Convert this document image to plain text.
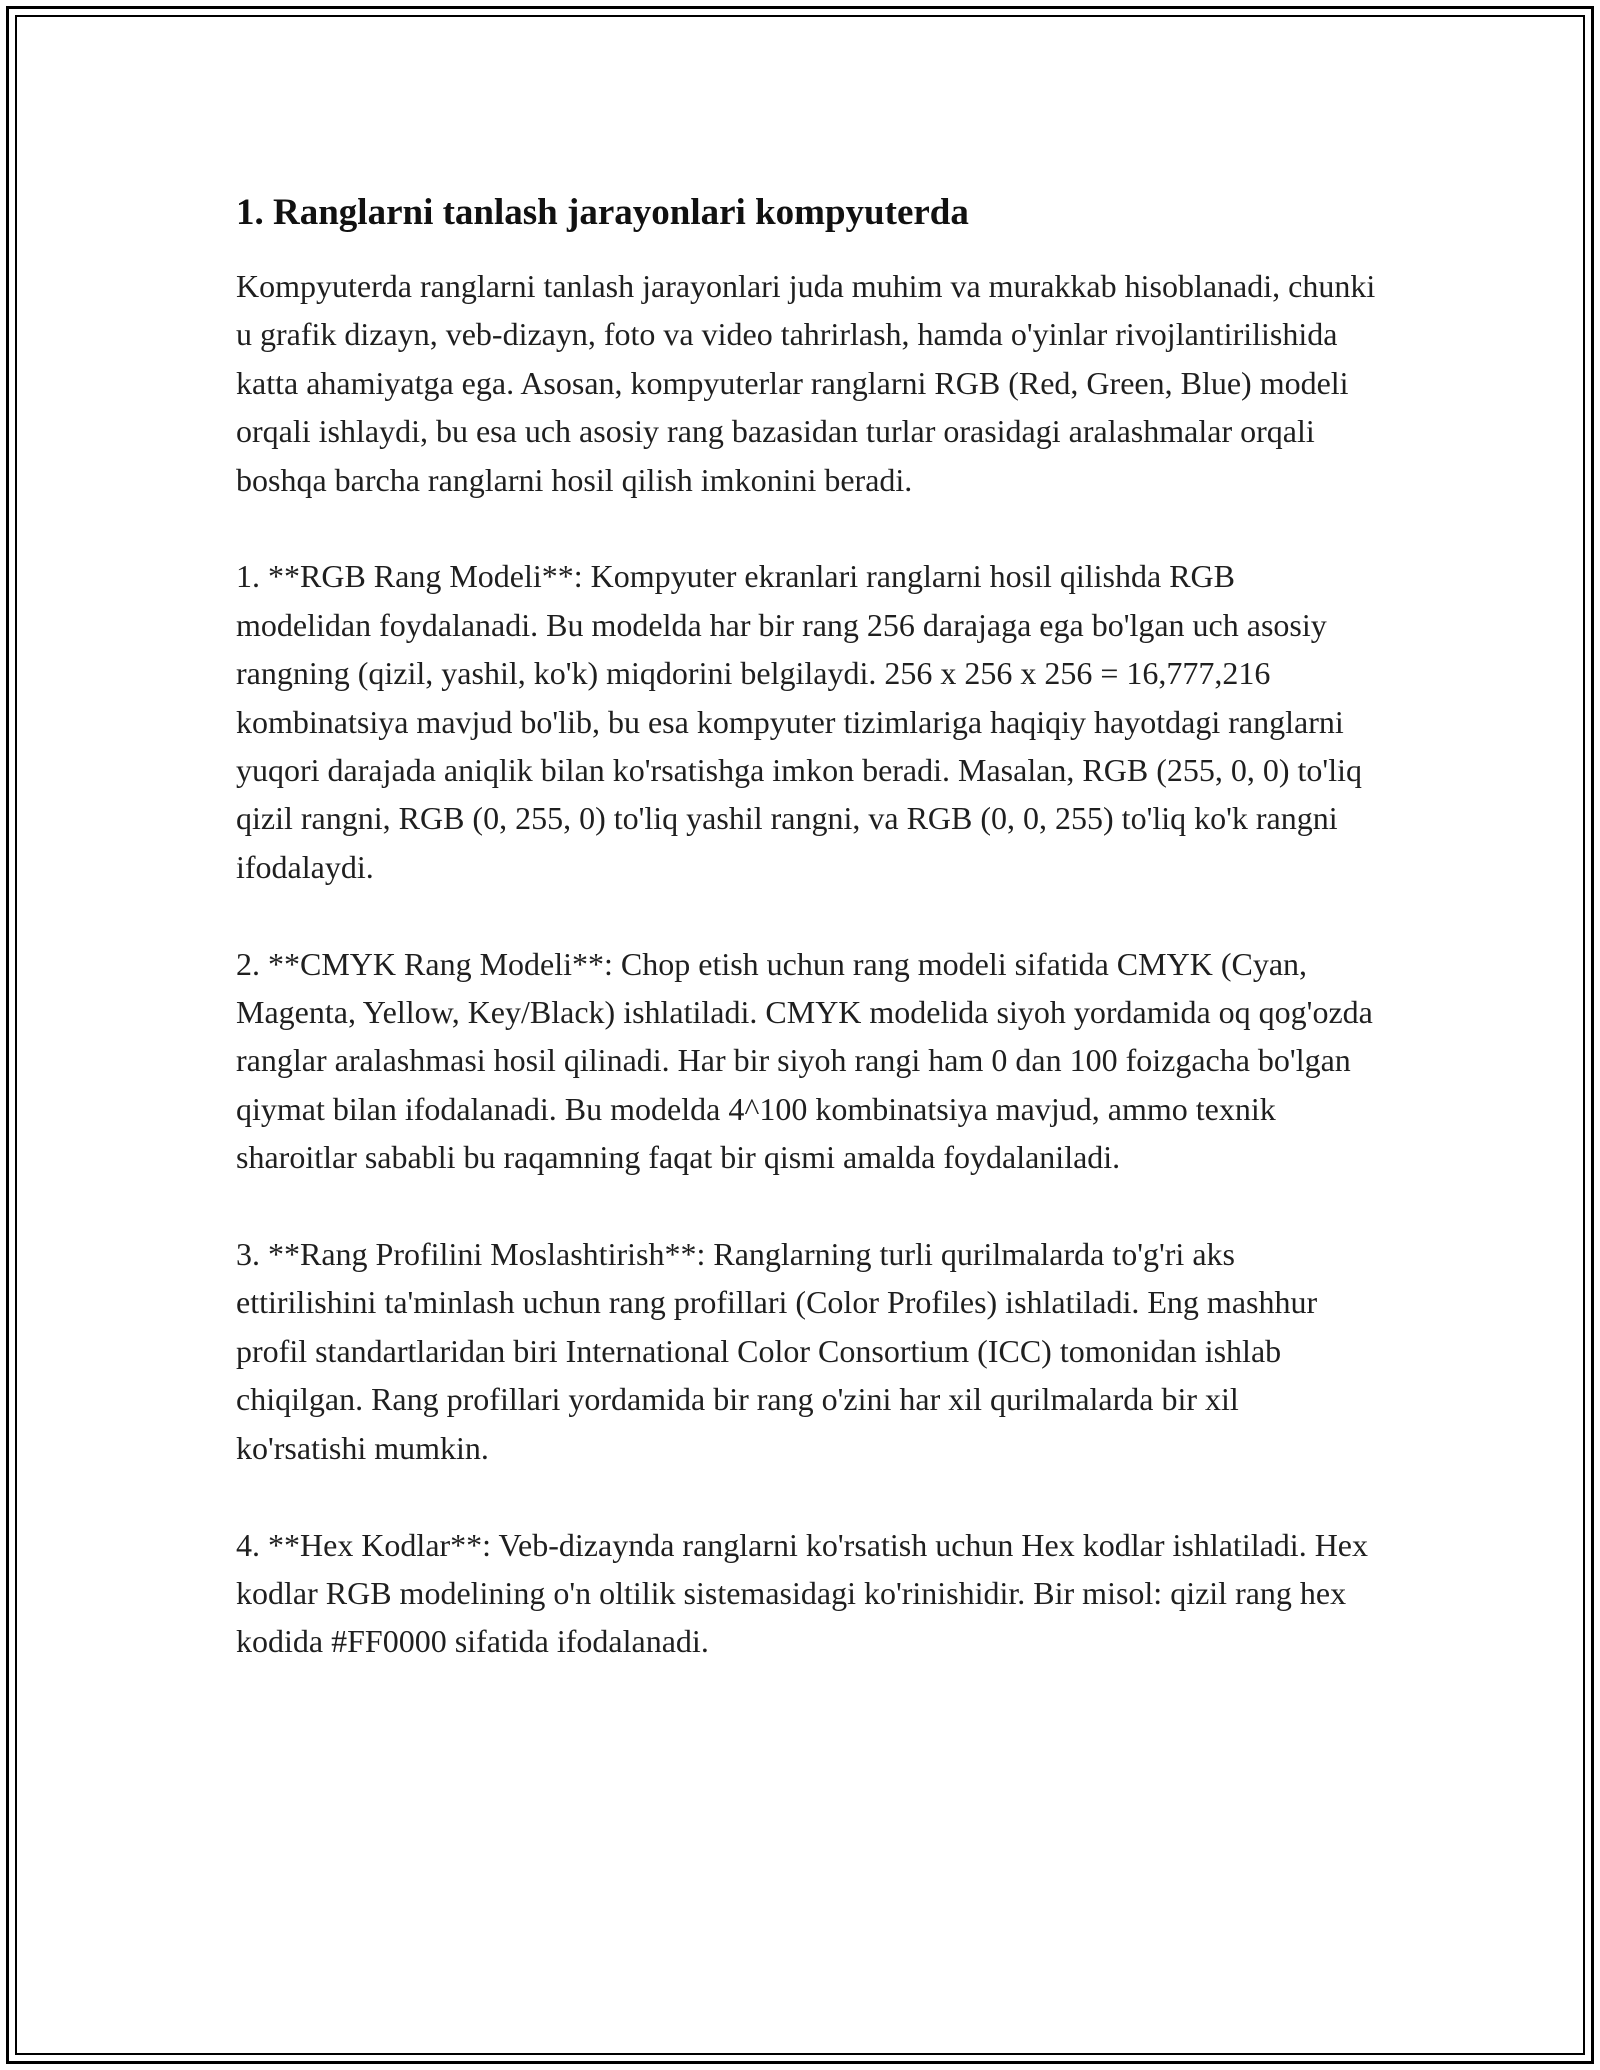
1. Ranglarni tanlash jarayonlari kompyuterda

Kompyuterda ranglarni tanlash jarayonlari juda muhim va murakkab hisoblanadi, chunki u grafik dizayn, veb-dizayn, foto va video tahrirlash, hamda o'yinlar rivojlantirilishida katta ahamiyatga ega. Asosan, kompyuterlar ranglarni RGB (Red, Green, Blue) modeli orqali ishlaydi, bu esa uch asosiy rang bazasidan turlar orasidagi aralashmalar orqali boshqa barcha ranglarni hosil qilish imkonini beradi.

1. **RGB Rang Modeli**: Kompyuter ekranlari ranglarni hosil qilishda RGB modelidan foydalanadi. Bu modelda har bir rang 256 darajaga ega bo'lgan uch asosiy rangning (qizil, yashil, ko'k) miqdorini belgilaydi. 256 x 256 x 256 = 16,777,216 kombinatsiya mavjud bo'lib, bu esa kompyuter tizimlariga haqiqiy hayotdagi ranglarni yuqori darajada aniqlik bilan ko'rsatishga imkon beradi. Masalan, RGB (255, 0, 0) to'liq qizil rangni, RGB (0, 255, 0) to'liq yashil rangni, va RGB (0, 0, 255) to'liq ko'k rangni ifodalaydi.

2. **CMYK Rang Modeli**: Chop etish uchun rang modeli sifatida CMYK (Cyan, Magenta, Yellow, Key/Black) ishlatiladi. CMYK modelida siyoh yordamida oq qog'ozda ranglar aralashmasi hosil qilinadi. Har bir siyoh rangi ham 0 dan 100 foizgacha bo'lgan qiymat bilan ifodalanadi. Bu modelda 4^100 kombinatsiya mavjud, ammo texnik sharoitlar sababli bu raqamning faqat bir qismi amalda foydalaniladi.

3. **Rang Profilini Moslashtirish**: Ranglarning turli qurilmalarda to'g'ri aks ettirilishini ta'minlash uchun rang profillari (Color Profiles) ishlatiladi. Eng mashhur profil standartlaridan biri International Color Consortium (ICC) tomonidan ishlab chiqilgan. Rang profillari yordamida bir rang o'zini har xil qurilmalarda bir xil ko'rsatishi mumkin.

4. **Hex Kodlar**: Veb-dizaynda ranglarni ko'rsatish uchun Hex kodlar ishlatiladi. Hex kodlar RGB modelining o'n oltilik sistemasidagi ko'rinishidir. Bir misol: qizil rang hex kodida #FF0000 sifatida ifodalanadi.
